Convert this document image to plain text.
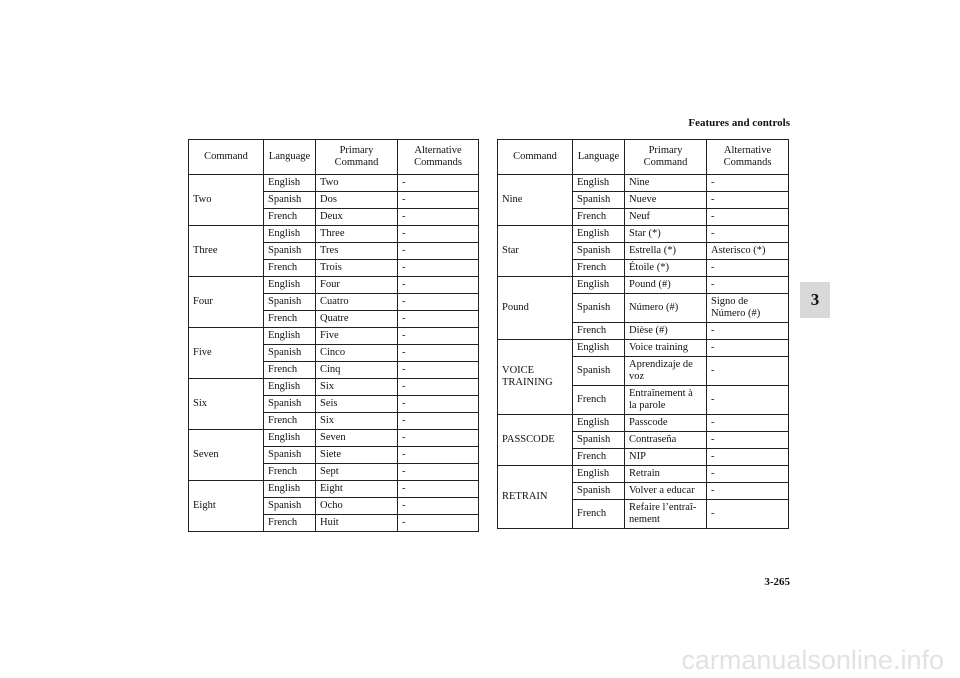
Features and controls
3
Command	Language	Primary Command	Alternative Commands
Two	English	Two	-
	Spanish	Dos	-
	French	Deux	-
Three	English	Three	-
	Spanish	Tres	-
	French	Trois	-
Four	English	Four	-
	Spanish	Cuatro	-
	French	Quatre	-
Five	English	Five	-
	Spanish	Cinco	-
	French	Cinq	-
Six	English	Six	-
	Spanish	Seis	-
	French	Six	-
Seven	English	Seven	-
	Spanish	Siete	-
	French	Sept	-
Eight	English	Eight	-
	Spanish	Ocho	-
	French	Huit	-
Command	Language	Primary Command	Alternative Commands
Nine	English	Nine	-
	Spanish	Nueve	-
	French	Neuf	-
Star	English	Star (*)	-
	Spanish	Estrella (*)	Asterisco (*)
	French	Étoile (*)	-
Pound	English	Pound (#)	-
	Spanish	Número (#)	Signo de Número (#)
	French	Dièse (#)	-
VOICE TRAINING	English	Voice training	-
	Spanish	Aprendizaje de voz	-
	French	Entraînement à la parole	-
PASSCODE	English	Passcode	-
	Spanish	Contraseña	-
	French	NIP	-
RETRAIN	English	Retrain	-
	Spanish	Volver a educar	-
	French	Refaire l’entraî-nement	-
3-265
carmanualsonline.info
